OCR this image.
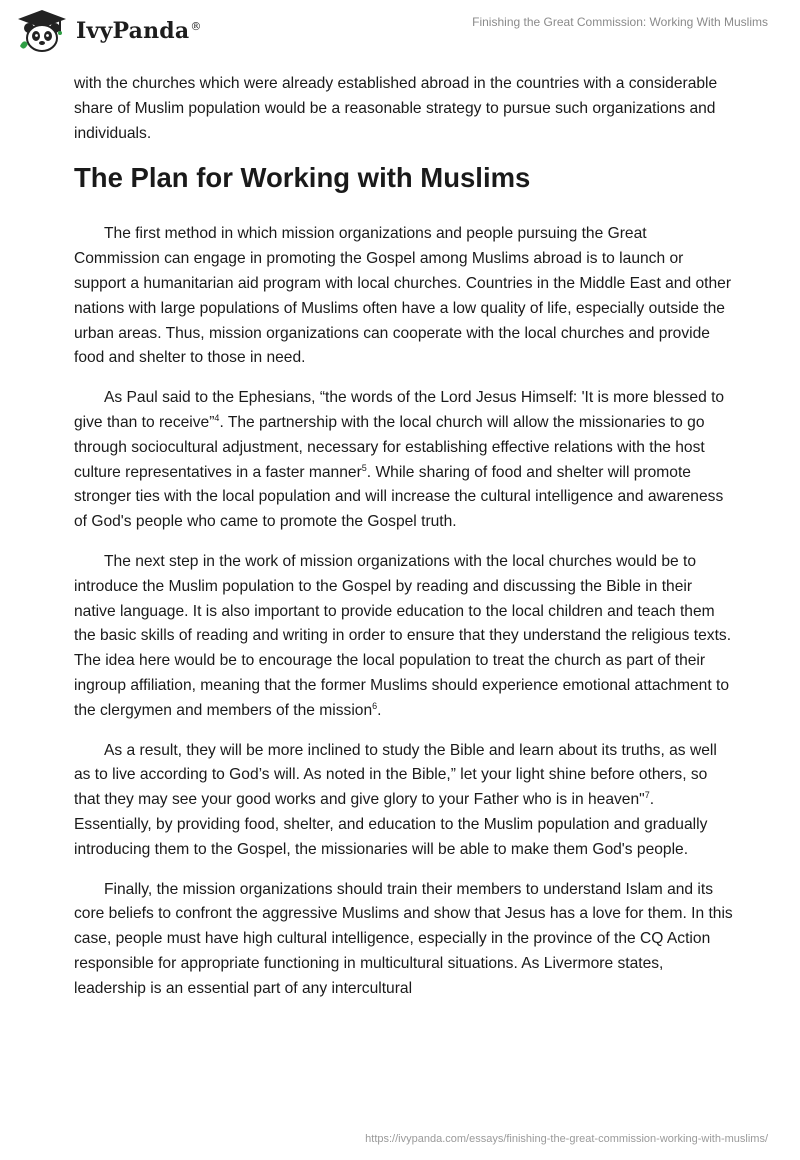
IvyPanda®	Finishing the Great Commission: Working With Muslims

with the churches which were already established abroad in the countries with a considerable share of Muslim population would be a reasonable strategy to pursue such organizations and individuals.

The Plan for Working with Muslims

The first method in which mission organizations and people pursuing the Great Commission can engage in promoting the Gospel among Muslims abroad is to launch or support a humanitarian aid program with local churches. Countries in the Middle East and other nations with large populations of Muslims often have a low quality of life, especially outside the urban areas. Thus, mission organizations can cooperate with the local churches and provide food and shelter to those in need.

As Paul said to the Ephesians, “the words of the Lord Jesus Himself: 'It is more blessed to give than to receive”$^4$. The partnership with the local church will allow the missionaries to go through sociocultural adjustment, necessary for establishing effective relations with the host culture representatives in a faster manner$^5$. While sharing of food and shelter will promote stronger ties with the local population and will increase the cultural intelligence and awareness of God's people who came to promote the Gospel truth.

The next step in the work of mission organizations with the local churches would be to introduce the Muslim population to the Gospel by reading and discussing the Bible in their native language. It is also important to provide education to the local children and teach them the basic skills of reading and writing in order to ensure that they understand the religious texts. The idea here would be to encourage the local population to treat the church as part of their ingroup affiliation, meaning that the former Muslims should experience emotional attachment to the clergymen and members of the mission$^6$.

As a result, they will be more inclined to study the Bible and learn about its truths, as well as to live according to God’s will. As noted in the Bible,” let your light shine before others, so that they may see your good works and give glory to your Father who is in heaven"$^7$. Essentially, by providing food, shelter, and education to the Muslim population and gradually introducing them to the Gospel, the missionaries will be able to make them God's people.

Finally, the mission organizations should train their members to understand Islam and its core beliefs to confront the aggressive Muslims and show that Jesus has a love for them. In this case, people must have high cultural intelligence, especially in the province of the CQ Action responsible for appropriate functioning in multicultural situations. As Livermore states, leadership is an essential part of any intercultural

https://ivypanda.com/essays/finishing-the-great-commission-working-with-muslims/
